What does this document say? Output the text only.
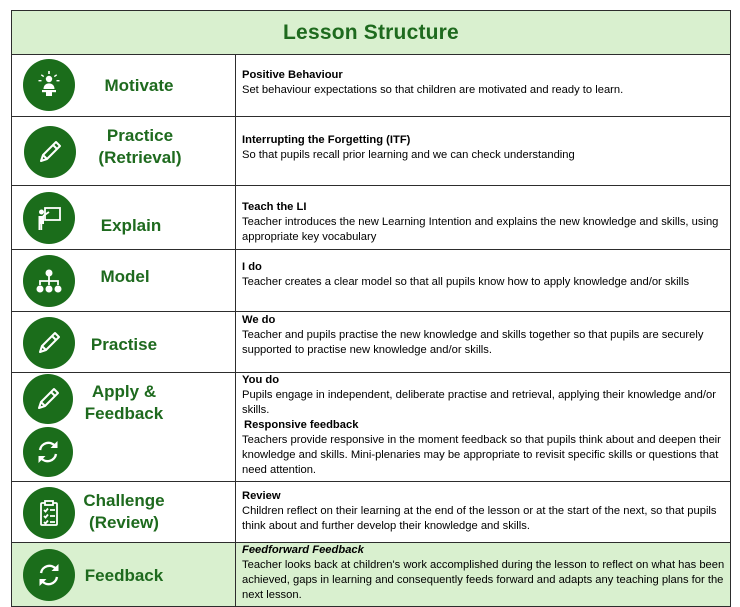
Lesson Structure
Motivate
Positive Behaviour
Set behaviour expectations so that children are motivated and ready to learn.
Practice (Retrieval)
Interrupting the Forgetting (ITF)
So that pupils recall prior learning and we can check understanding
Explain
Teach the LI
Teacher introduces the new Learning Intention and explains the new knowledge and skills, using appropriate key vocabulary
Model	I do
Teacher creates a clear model so that all pupils know how to apply knowledge and/or skills
Practise
We do
Teacher and pupils practise the new knowledge and skills together so that pupils are securely supported to practise new knowledge and/or skills.
Apply & Feedback
You do
Pupils engage in independent, deliberate practise and retrieval, applying their knowledge and/or skills.
Responsive feedback
Teachers provide responsive in the moment feedback so that pupils think about and deepen their knowledge and skills. Mini-plenaries may be appropriate to revisit specific skills or questions that need attention.
Challenge (Review)
Review
Children reflect on their learning at the end of the lesson or at the start of the next, so that pupils think about and further develop their knowledge and skills.
Feedback
Feedforward Feedback
Teacher looks back at children's work accomplished during the lesson to reflect on what has been achieved, gaps in learning and consequently feeds forward and adapts any teaching plans for the next lesson.
